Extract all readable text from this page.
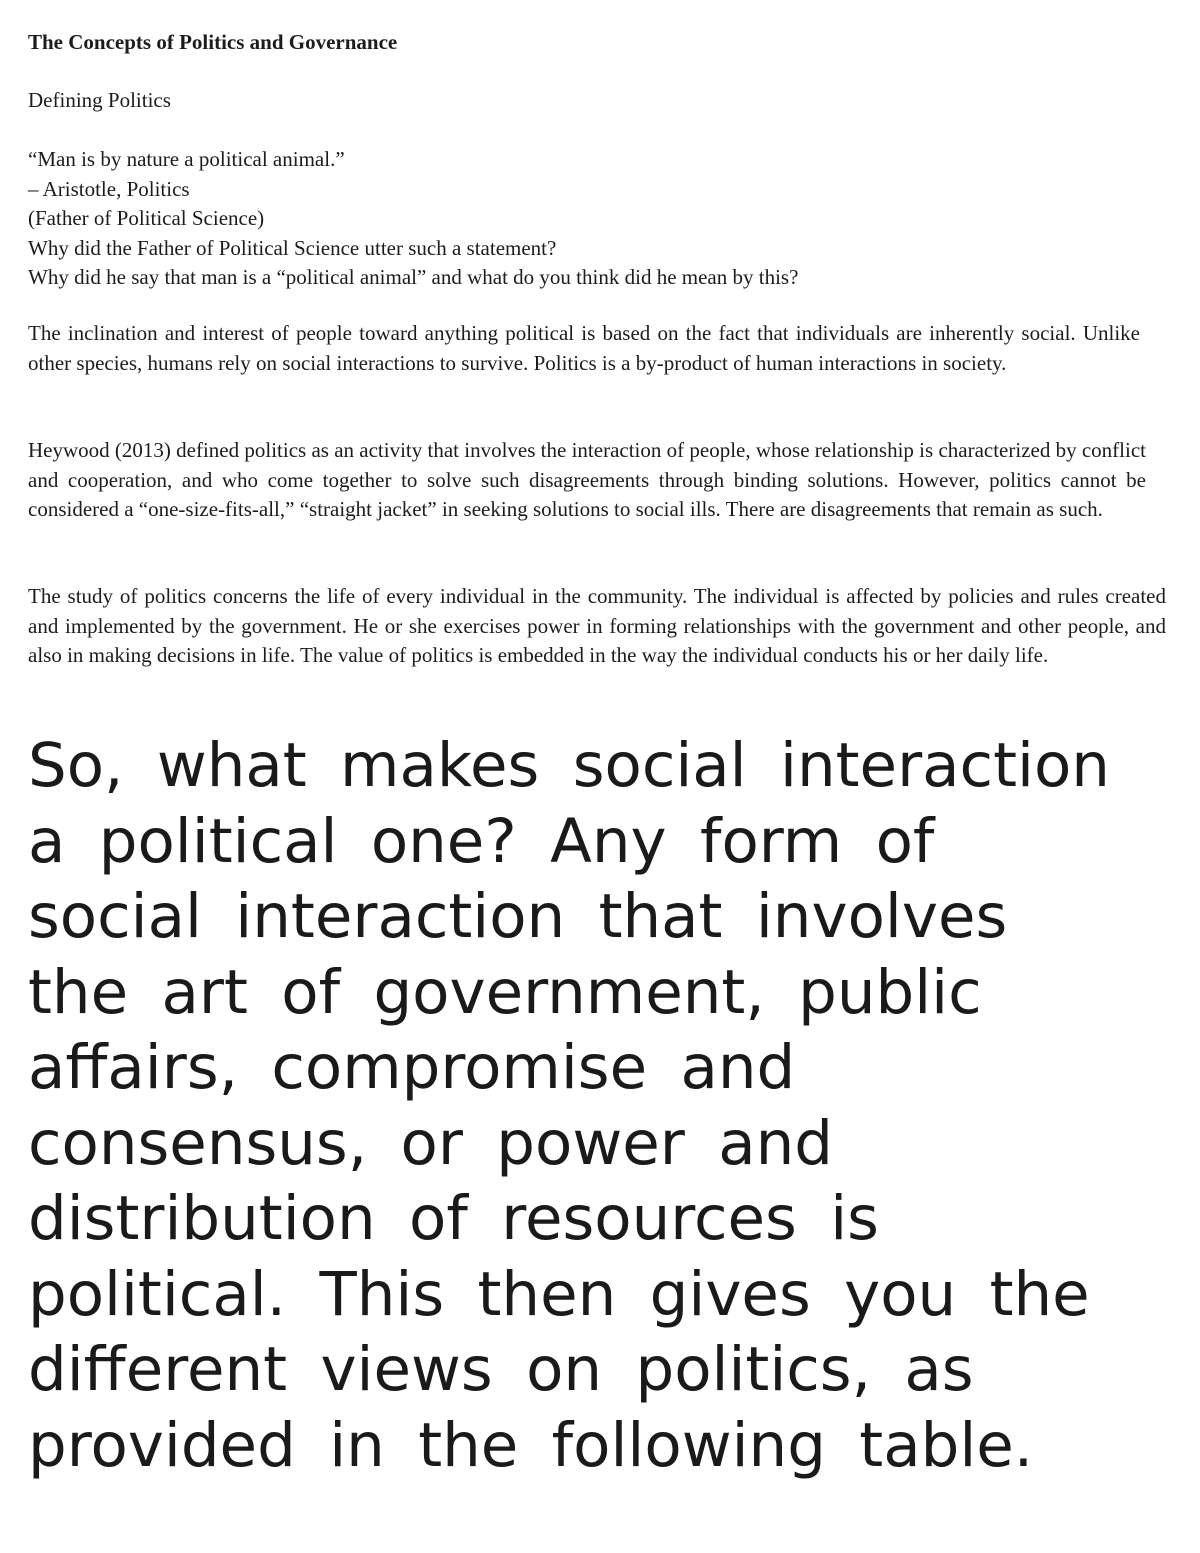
The Concepts of Politics and Governance
Defining Politics
“Man is by nature a political animal.”
– Aristotle, Politics
(Father of Political Science)
Why did the Father of Political Science utter such a statement?
Why did he say that man is a “political animal” and what do you think did he mean by this?
The inclination and interest of people toward anything political is based on the fact that individuals are inherently social. Unlike other species, humans rely on social interactions to survive. Politics is a by-product of human interactions in society.
Heywood (2013) defined politics as an activity that involves the interaction of people, whose relationship is characterized by conflict and cooperation, and who come together to solve such disagreements through binding solutions. However, politics cannot be considered a “one-size-fits-all,” “straight jacket” in seeking solutions to social ills. There are disagreements that remain as such.
The study of politics concerns the life of every individual in the community. The individual is affected by policies and rules created and implemented by the government. He or she exercises power in forming relationships with the government and other people, and also in making decisions in life. The value of politics is embedded in the way the individual conducts his or her daily life.
So, what makes social interaction a political one? Any form of social interaction that involves the art of government, public affairs, compromise and consensus, or power and distribution of resources is political. This then gives you the different views on politics, as provided in the following table.
